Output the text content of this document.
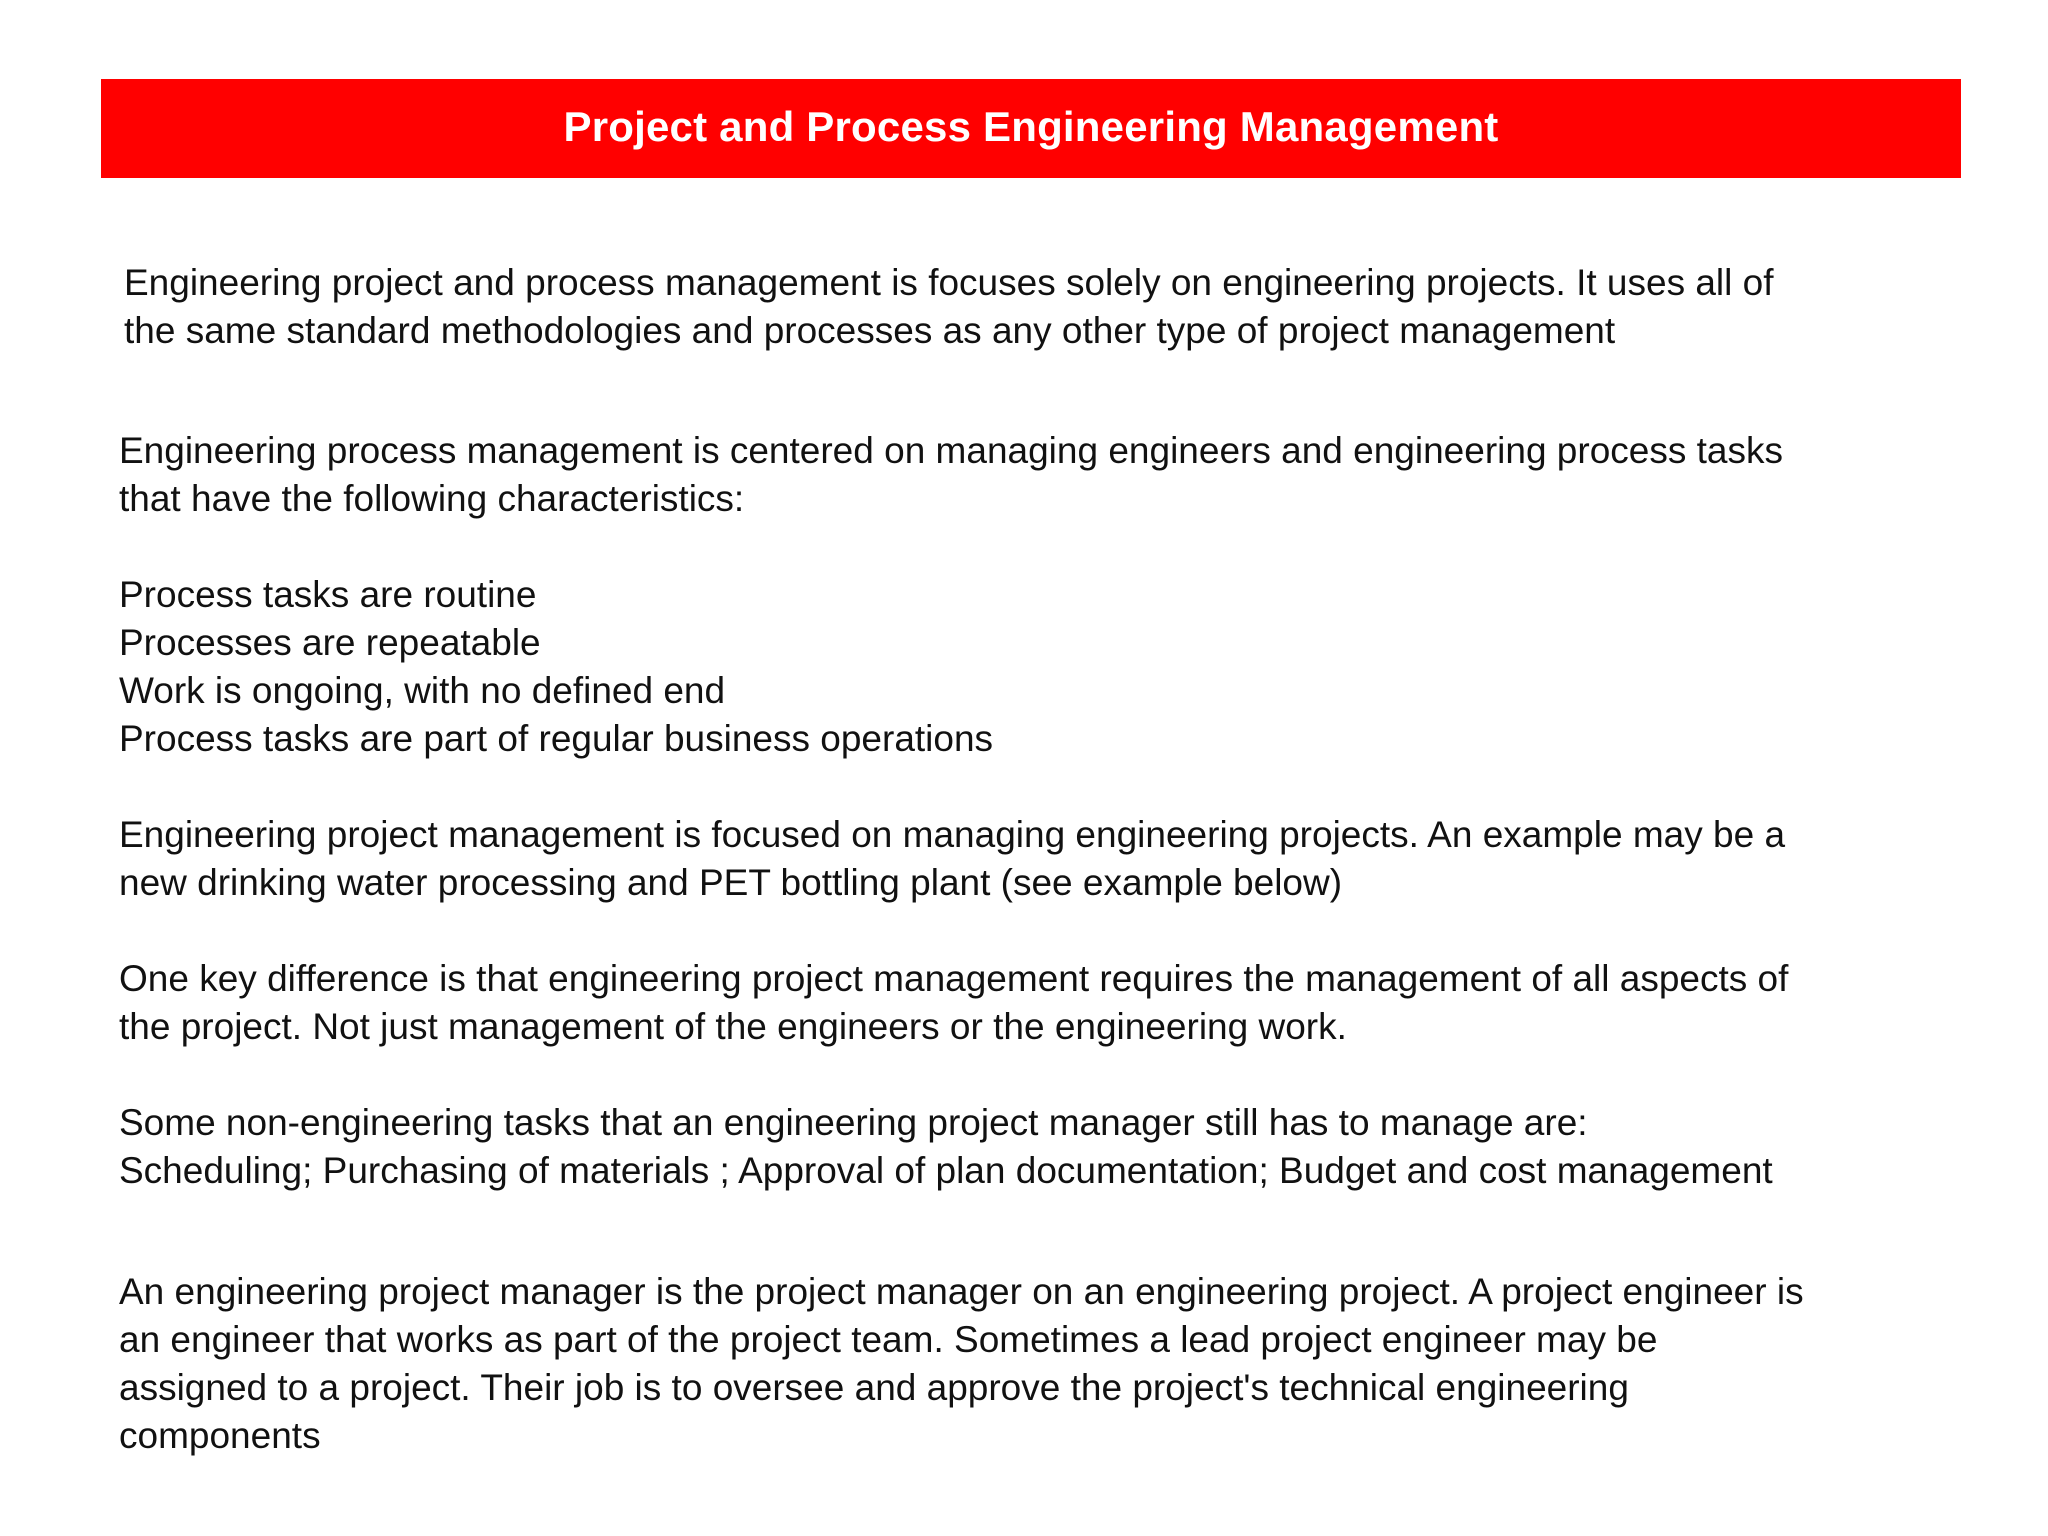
Project and Process Engineering Management
Engineering project and process management is focuses solely on engineering projects. It uses all of
the same standard methodologies and processes as any other type of project management
Engineering process management is centered on managing engineers and engineering process tasks
that have the following characteristics:
Process tasks are routine
Processes are repeatable
Work is ongoing, with no defined end
Process tasks are part of regular business operations
Engineering project management is focused on managing engineering projects. An example may be a
new drinking water processing and PET bottling plant (see example below)
One key difference is that engineering project management requires the management of all aspects of
the project. Not just management of the engineers or the engineering work.
Some non-engineering tasks that an engineering project manager still has to manage are:
Scheduling; Purchasing of materials ; Approval of plan documentation; Budget and cost management
An engineering project manager is the project manager on an engineering project. A project engineer is
an engineer that works as part of the project team. Sometimes a lead project engineer may be
assigned to a project. Their job is to oversee and approve the project's technical engineering
components
